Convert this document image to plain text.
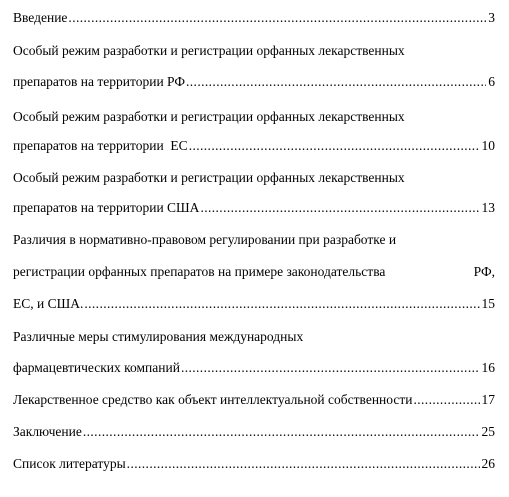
Введение .....	3
Особый режим разработки и регистрации орфанных лекарственных
препаратов на территории РФ .....	6
Особый режим разработки и регистрации орфанных лекарственных
препаратов на территории  ЕС .....	10
Особый режим разработки и регистрации орфанных лекарственных
препаратов на территории США .....	13
Различия в нормативно-правовом регулировании при разработке и
регистрации орфанных препаратов на примере законодательства	РФ,
ЕС, и США. .....	15
Различные меры стимулирования международных
фармацевтических компаний .....	16
Лекарственное средство как объект интеллектуальной собственности .....	17
Заключение .....	25
Список литературы .....	26
